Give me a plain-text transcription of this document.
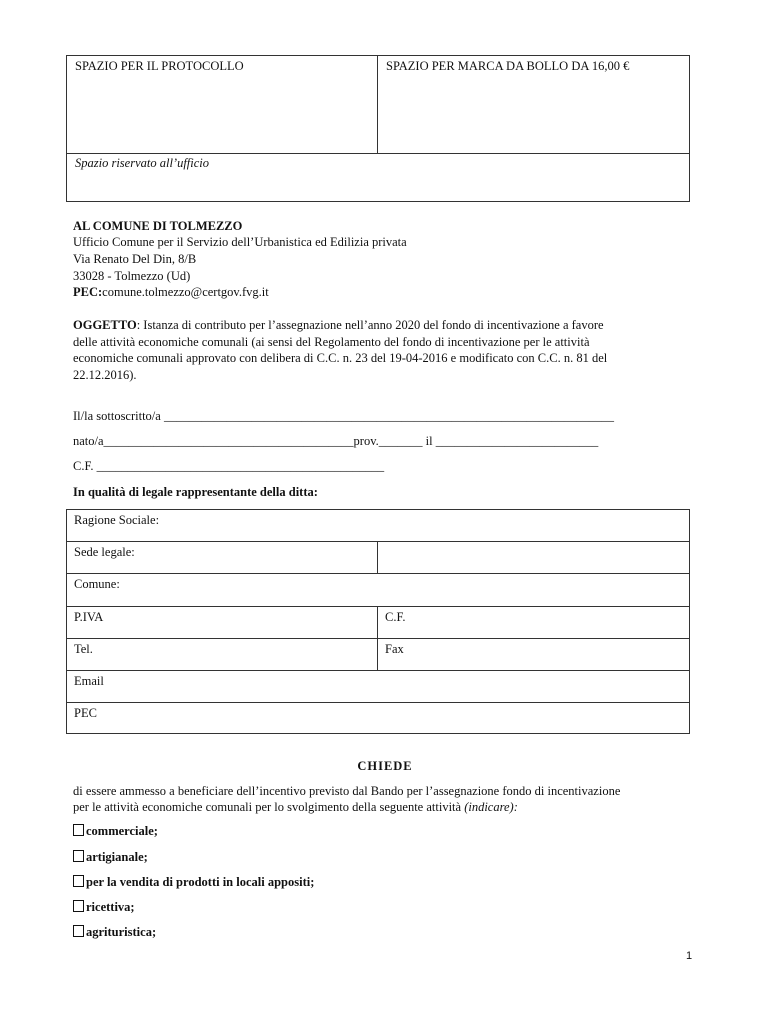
SPAZIO PER IL PROTOCOLLO	SPAZIO PER MARCA DA BOLLO DA 16,00 €
Spazio riservato all’ufficio
AL COMUNE DI TOLMEZZO
Ufficio Comune per il Servizio dell’Urbanistica ed Edilizia privata
Via Renato Del Din, 8/B
33028 - Tolmezzo (Ud)
PEC:comune.tolmezzo@certgov.fvg.it
OGGETTO: Istanza di contributo per l’assegnazione nell’anno 2020 del fondo di incentivazione a favore
delle attività economiche comunali (ai sensi del Regolamento del fondo di incentivazione per le attività
economiche comunali approvato con delibera di C.C. n. 23 del 19-04-2016 e modificato con C.C. n. 81 del
22.12.2016).
Il/la sottoscritto/a ________________________________________________________________________
nato/a________________________________________prov._______ il __________________________
C.F. ______________________________________________
In qualità di legale rappresentante della ditta:
Ragione Sociale:
Sede legale:
Comune:
P.IVA	C.F.
Tel.	Fax
Email
PEC
CHIEDE
di essere ammesso a beneficiare dell’incentivo previsto dal Bando per l’assegnazione fondo di incentivazione
per le attività economiche comunali per lo svolgimento della seguente attività (indicare):
commerciale;
artigianale;
per la vendita di prodotti in locali appositi;
ricettiva;
agrituristica;
1
